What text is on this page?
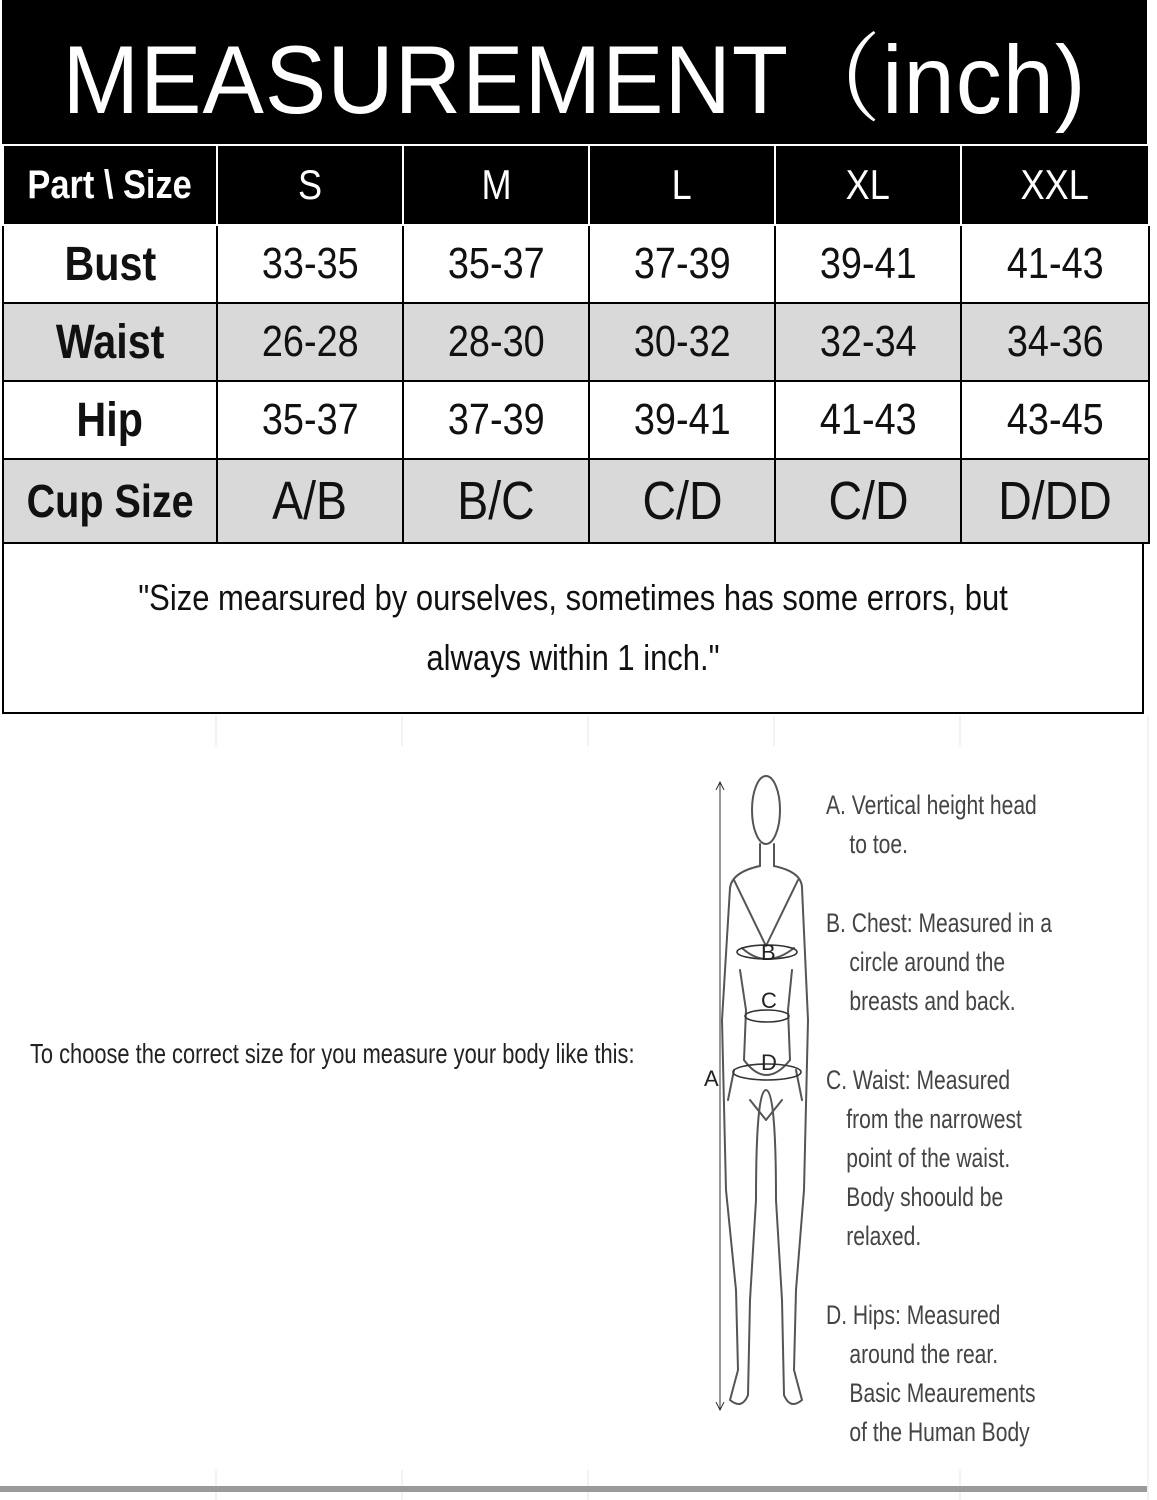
MEASUREMENT（inch)
Part \ Size	S	M	L	XL	XXL
Bust	33-35	35-37	37-39	39-41	41-43
Waist	26-28	28-30	30-32	32-34	34-36
Hip	35-37	37-39	39-41	41-43	43-45
Cup Size	A/B	B/C	C/D	C/D	D/DD
"Size mearsured by ourselves, sometimes has some errors, but always within 1 inch."
To choose the correct size for you measure your body like this:
A
B
C
D
A. Vertical height head
to toe.
B. Chest: Measured in a
circle around the
breasts and back.
C. Waist: Measured
from the narrowest
point of the waist.
Body shoould be
relaxed.
D. Hips: Measured
around the rear.
Basic Meaurements
of the Human Body
